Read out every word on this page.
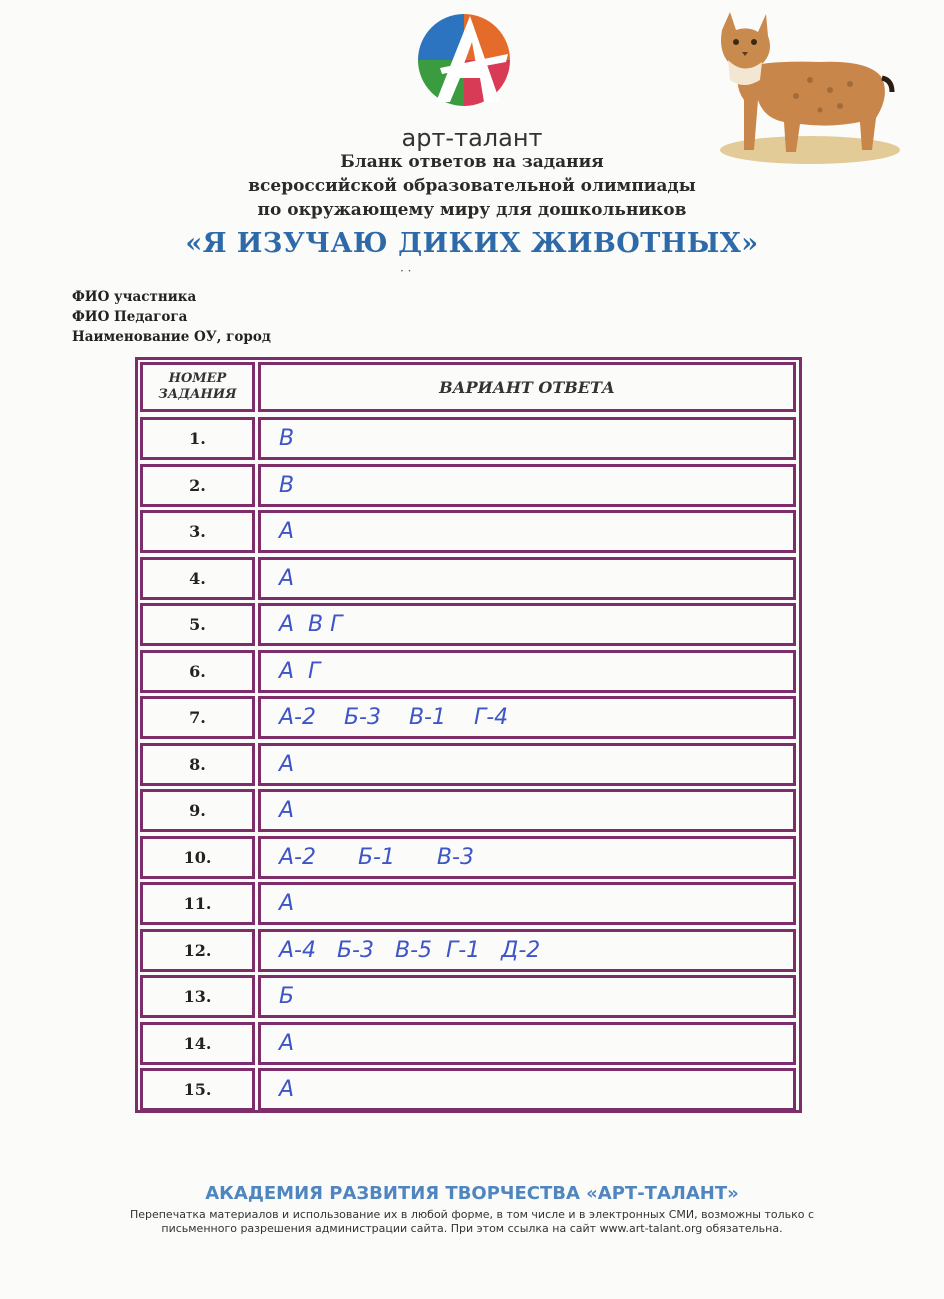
арт-талант
Бланк ответов на задания
всероссийской образовательной олимпиады
по окружающему миру для дошкольников
«Я ИЗУЧАЮ ДИКИХ ЖИВОТНЫХ»
· ·
ФИО участника
ФИО Педагога
Наименование ОУ, город
НОМЕР ЗАДАНИЯ	ВАРИАНТ ОТВЕТА
1.	В
2.	В
3.	А
4.	А
5.	А  В Г
6.	А  Г
7.	А-2    Б-3    В-1    Г-4
8.	А
9.	А
10.	А-2      Б-1      В-3
11.	А
12.	А-4   Б-3   В-5  Г-1   Д-2
13.	Б
14.	А
15.	А
АКАДЕМИЯ РАЗВИТИЯ ТВОРЧЕСТВА «АРТ-ТАЛАНТ»
Перепечатка материалов и использование их в любой форме, в том числе и в электронных СМИ, возможны только с письменного разрешения администрации сайта. При этом ссылка на сайт www.art-talant.org обязательна.
